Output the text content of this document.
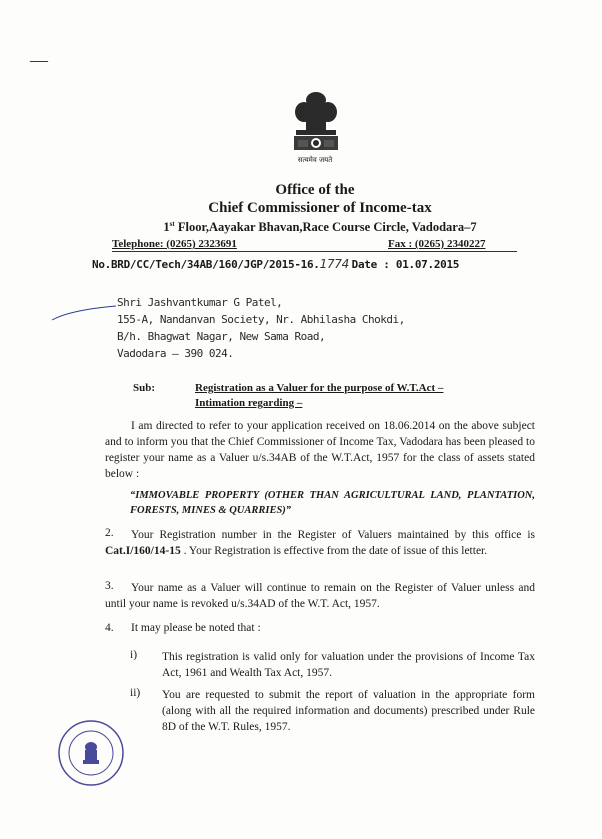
—
सत्यमेव जयते
Office of the
Chief Commissioner of Income-tax
1st Floor,Aayakar Bhavan,Race Course Circle, Vadodara–7
Telephone: (0265) 2323691	Fax : (0265) 2340227
No.BRD/CC/Tech/34AB/160/JGP/2015-16.1774 Date : 01.07.2015
Shri Jashvantkumar G Patel,
155-A, Nandanvan Society, Nr. Abhilasha Chokdi,
B/h. Bhagwat Nagar, New Sama Road,
Vadodara – 390 024.
Sub:	Registration as a Valuer for the purpose of W.T.Act –
Intimation regarding –
I am directed to refer to your application received on 18.06.2014 on the above subject and to inform you that the Chief Commissioner of Income Tax, Vadodara has been pleased to register your name as a Valuer u/s.34AB of the W.T.Act, 1957 for the class of assets stated below :
“IMMOVABLE PROPERTY (OTHER THAN AGRICULTURAL LAND, PLANTATION, FORESTS, MINES & QUARRIES)”
2.	Your Registration number in the Register of Valuers maintained by this office is Cat.I/160/14-15 . Your Registration is effective from the date of issue of this letter.
3.	Your name as a Valuer will continue to remain on the Register of Valuer unless and until your name is revoked u/s.34AD of the W.T. Act, 1957.
4. It may please be noted that :
i) This registration is valid only for valuation under the provisions of Income Tax Act, 1961 and Wealth Tax Act, 1957.
ii) You are requested to submit the report of valuation in the appropriate form (along with all the required information and documents) prescribed under Rule 8D of the W.T. Rules, 1957.
